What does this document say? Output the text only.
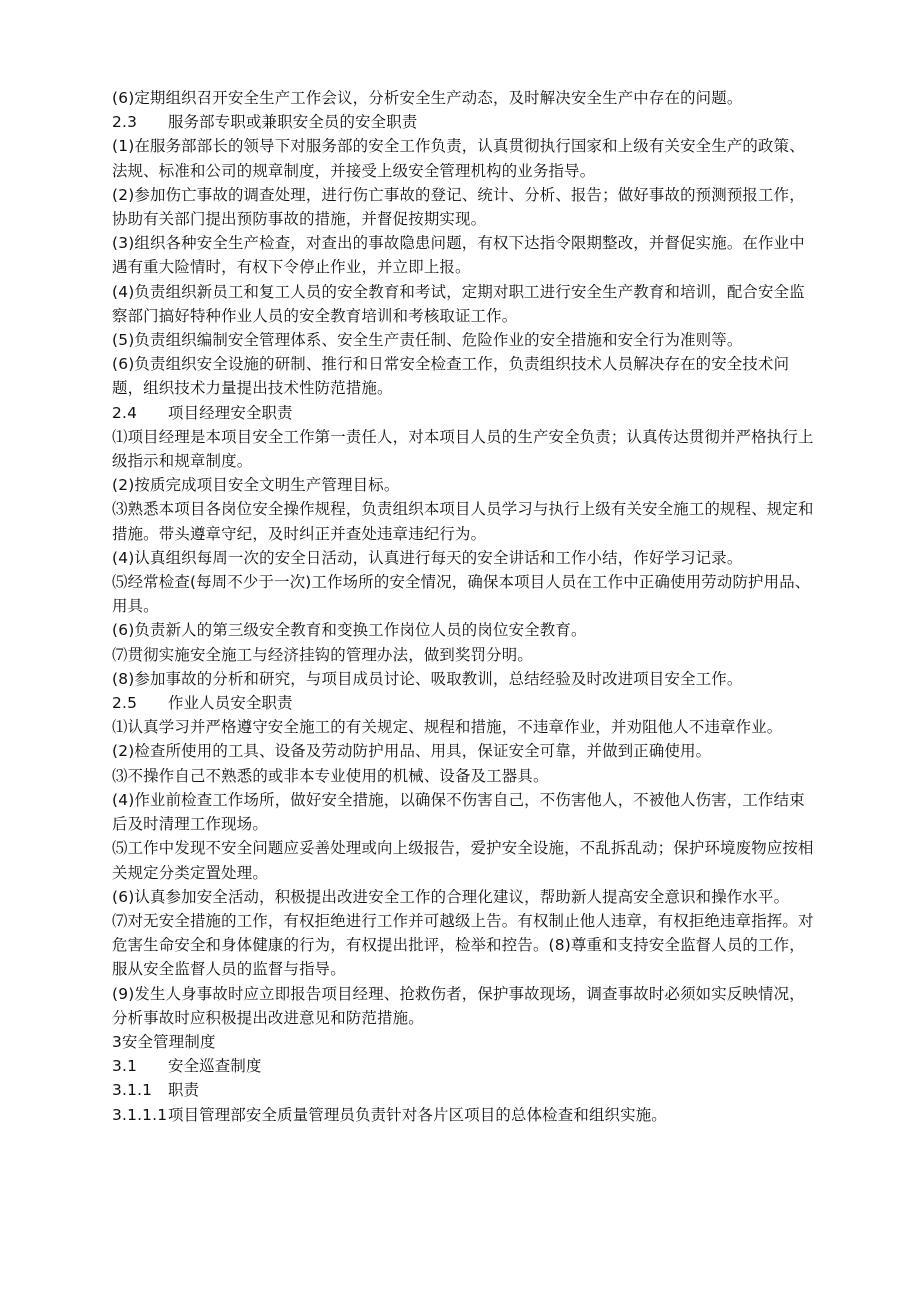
(6)定期组织召开安全生产工作会议，分析安全生产动态，及时解决安全生产中存在的问题。

2.3 服务部专职或兼职安全员的安全职责

(1)在服务部部长的领导下对服务部的安全工作负责，认真贯彻执行国家和上级有关安全生产的政策、法规、标准和公司的规章制度，并接受上级安全管理机构的业务指导。

(2)参加伤亡事故的调查处理，进行伤亡事故的登记、统计、分析、报告；做好事故的预测预报工作，协助有关部门提出预防事故的措施，并督促按期实现。

(3)组织各种安全生产检查，对查出的事故隐患问题，有权下达指令限期整改，并督促实施。在作业中遇有重大险情时，有权下令停止作业，并立即上报。

(4)负责组织新员工和复工人员的安全教育和考试，定期对职工进行安全生产教育和培训，配合安全监察部门搞好特种作业人员的安全教育培训和考核取证工作。

(5)负责组织编制安全管理体系、安全生产责任制、危险作业的安全措施和安全行为准则等。

(6)负责组织安全设施的研制、推行和日常安全检查工作，负责组织技术人员解决存在的安全技术问题，组织技术力量提出技术性防范措施。

2.4 项目经理安全职责

⑴项目经理是本项目安全工作第一责任人，对本项目人员的生产安全负责；认真传达贯彻并严格执行上级指示和规章制度。

(2)按质完成项目安全文明生产管理目标。

⑶熟悉本项目各岗位安全操作规程，负责组织本项目人员学习与执行上级有关安全施工的规程、规定和措施。带头遵章守纪，及时纠正并查处违章违纪行为。

(4)认真组织每周一次的安全日活动，认真进行每天的安全讲话和工作小结，作好学习记录。

⑸经常检查(每周不少于一次)工作场所的安全情况，确保本项目人员在工作中正确使用劳动防护用品、用具。

(6)负责新人的第三级安全教育和变换工作岗位人员的岗位安全教育。

⑺贯彻实施安全施工与经济挂钩的管理办法，做到奖罚分明。

(8)参加事故的分析和研究，与项目成员讨论、吸取教训，总结经验及时改进项目安全工作。

2.5 作业人员安全职责

⑴认真学习并严格遵守安全施工的有关规定、规程和措施，不违章作业，并劝阻他人不违章作业。

(2)检查所使用的工具、设备及劳动防护用品、用具，保证安全可靠，并做到正确使用。

⑶不操作自己不熟悉的或非本专业使用的机械、设备及工器具。

(4)作业前检查工作场所，做好安全措施，以确保不伤害自己，不伤害他人，不被他人伤害，工作结束后及时清理工作现场。

⑸工作中发现不安全问题应妥善处理或向上级报告，爱护安全设施，不乱拆乱动；保护环境废物应按相关规定分类定置处理。

(6)认真参加安全活动，积极提出改进安全工作的合理化建议，帮助新人提高安全意识和操作水平。

⑺对无安全措施的工作，有权拒绝进行工作并可越级上告。有权制止他人违章，有权拒绝违章指挥。对危害生命安全和身体健康的行为，有权提出批评，检举和控告。(8)尊重和支持安全监督人员的工作，服从安全监督人员的监督与指导。

(9)发生人身事故时应立即报告项目经理、抢救伤者，保护事故现场，调查事故时必须如实反映情况，分析事故时应积极提出改进意见和防范措施。

3安全管理制度

3.1 安全巡查制度

3.1.1 职责

3.1.1.1项目管理部安全质量管理员负责针对各片区项目的总体检查和组织实施。
